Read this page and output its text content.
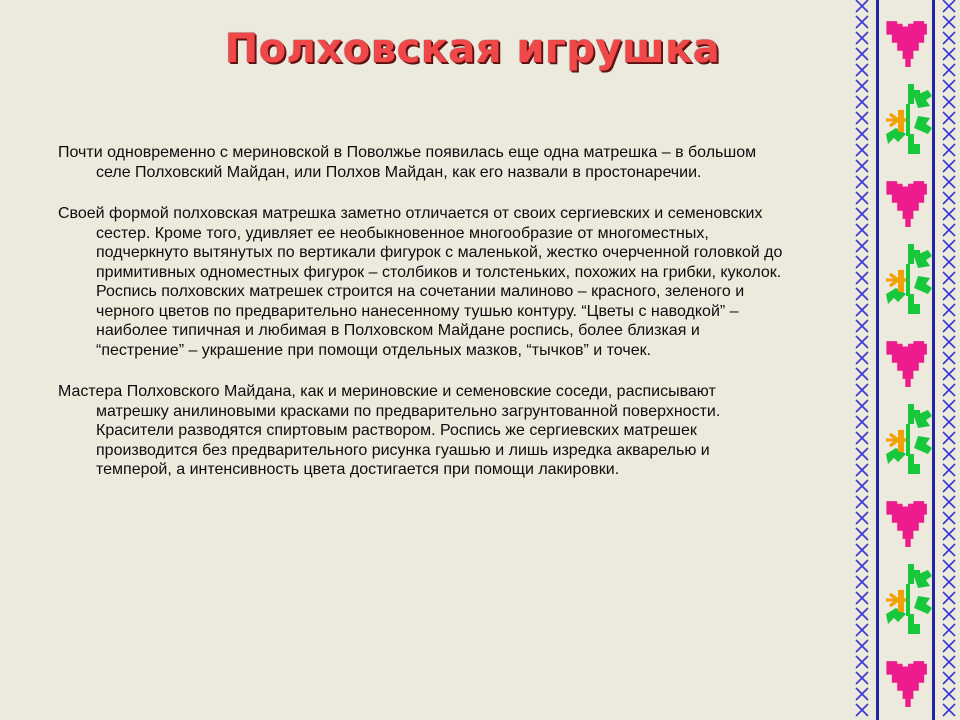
Полховская игрушка

Почти одновременно с мериновской в Поволжье появилась еще одна матрешка – в большом селе Полховский Майдан, или Полхов Майдан, как его назвали в простонаречии.

Своей формой полховская матрешка заметно отличается от своих сергиевских и семеновских сестер. Кроме того, удивляет ее необыкновенное многообразие от многоместных, подчеркнуто вытянутых по вертикали фигурок с маленькой, жестко очерченной головкой до примитивных одноместных фигурок – столбиков и толстеньких, похожих на грибки, куколок. Роспись полховских матрешек строится на сочетании малиново – красного, зеленого и черного цветов по предварительно нанесенному тушью контуру. “Цветы с наводкой” – наиболее типичная и любимая в Полховском Майдане роспись, более близкая и “пестрение” – украшение при помощи отдельных мазков, “тычков” и точек.

Мастера Полховского Майдана, как и мериновские и семеновские соседи, расписывают матрешку анилиновыми красками по предварительно загрунтованной поверхности. Красители разводятся спиртовым раствором. Роспись же сергиевских матрешек производится без предварительного рисунка гуашью и лишь изредка акварелью и темперой, а интенсивность цвета достигается при помощи лакировки.
